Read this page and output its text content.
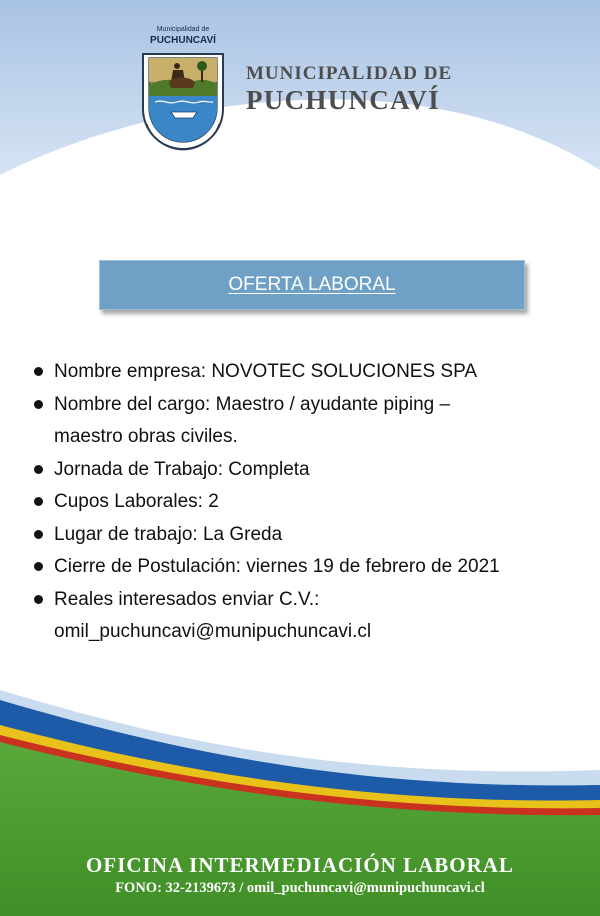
Municipalidad de
PUCHUNCAVÍ
MUNICIPALIDAD DE
PUCHUNCAVÍ
OFERTA LABORAL
Nombre empresa: NOVOTEC SOLUCIONES SPA
Nombre del cargo: Maestro / ayudante piping –
maestro obras civiles.
Jornada de Trabajo: Completa
Cupos Laborales: 2
Lugar de trabajo: La Greda
Cierre de Postulación: viernes 19 de febrero de 2021
Reales interesados enviar C.V.:
omil_puchuncavi@munipuchuncavi.cl
OFICINA INTERMEDIACIÓN LABORAL
FONO: 32-2139673 / omil_puchuncavi@munipuchuncavi.cl
